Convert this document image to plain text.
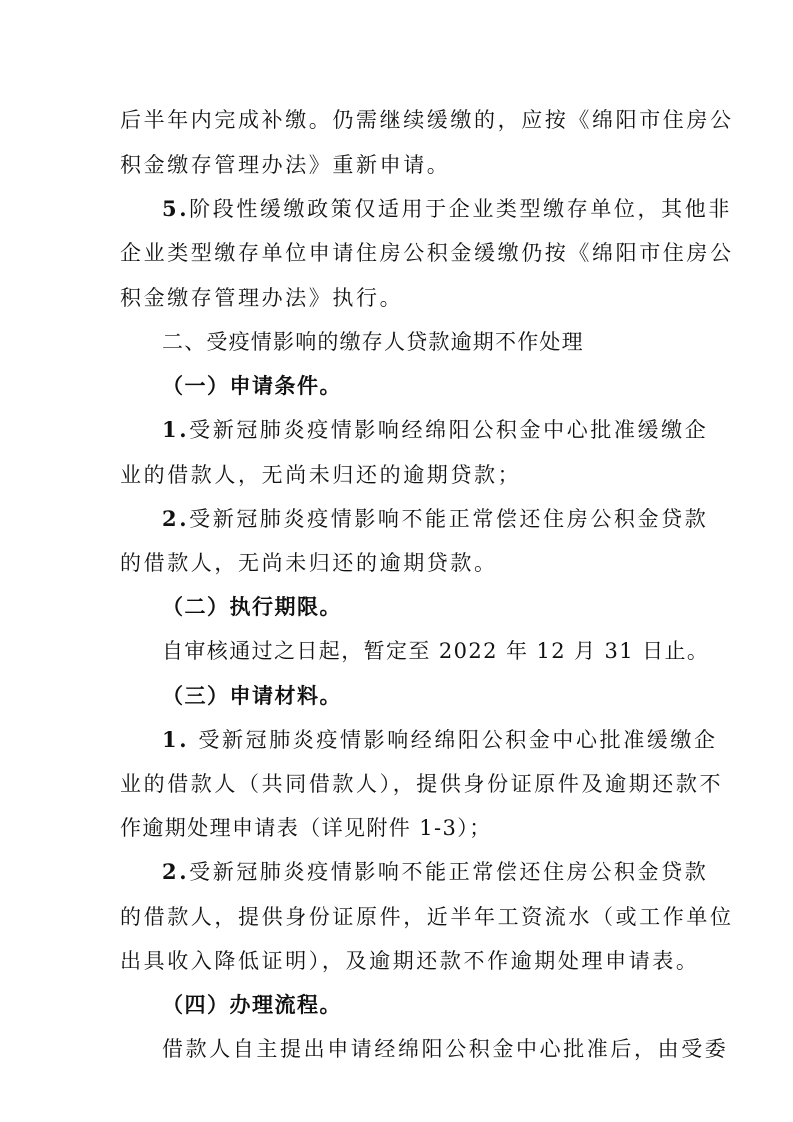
后半年内完成补缴。仍需继续缓缴的，应按《绵阳市住房公
积金缴存管理办法》重新申请。
5.阶段性缓缴政策仅适用于企业类型缴存单位，其他非
企业类型缴存单位申请住房公积金缓缴仍按《绵阳市住房公
积金缴存管理办法》执行。
二、受疫情影响的缴存人贷款逾期不作处理
（一）申请条件。
1.受新冠肺炎疫情影响经绵阳公积金中心批准缓缴企
业的借款人，无尚未归还的逾期贷款；
2.受新冠肺炎疫情影响不能正常偿还住房公积金贷款
的借款人，无尚未归还的逾期贷款。
（二）执行期限。
自审核通过之日起，暂定至 2022 年 12 月 31 日止。
（三）申请材料。
1. 受新冠肺炎疫情影响经绵阳公积金中心批准缓缴企
业的借款人（共同借款人），提供身份证原件及逾期还款不
作逾期处理申请表（详见附件 1-3）；
2.受新冠肺炎疫情影响不能正常偿还住房公积金贷款
的借款人，提供身份证原件，近半年工资流水（或工作单位
出具收入降低证明），及逾期还款不作逾期处理申请表。
（四）办理流程。
借款人自主提出申请经绵阳公积金中心批准后，由受委
